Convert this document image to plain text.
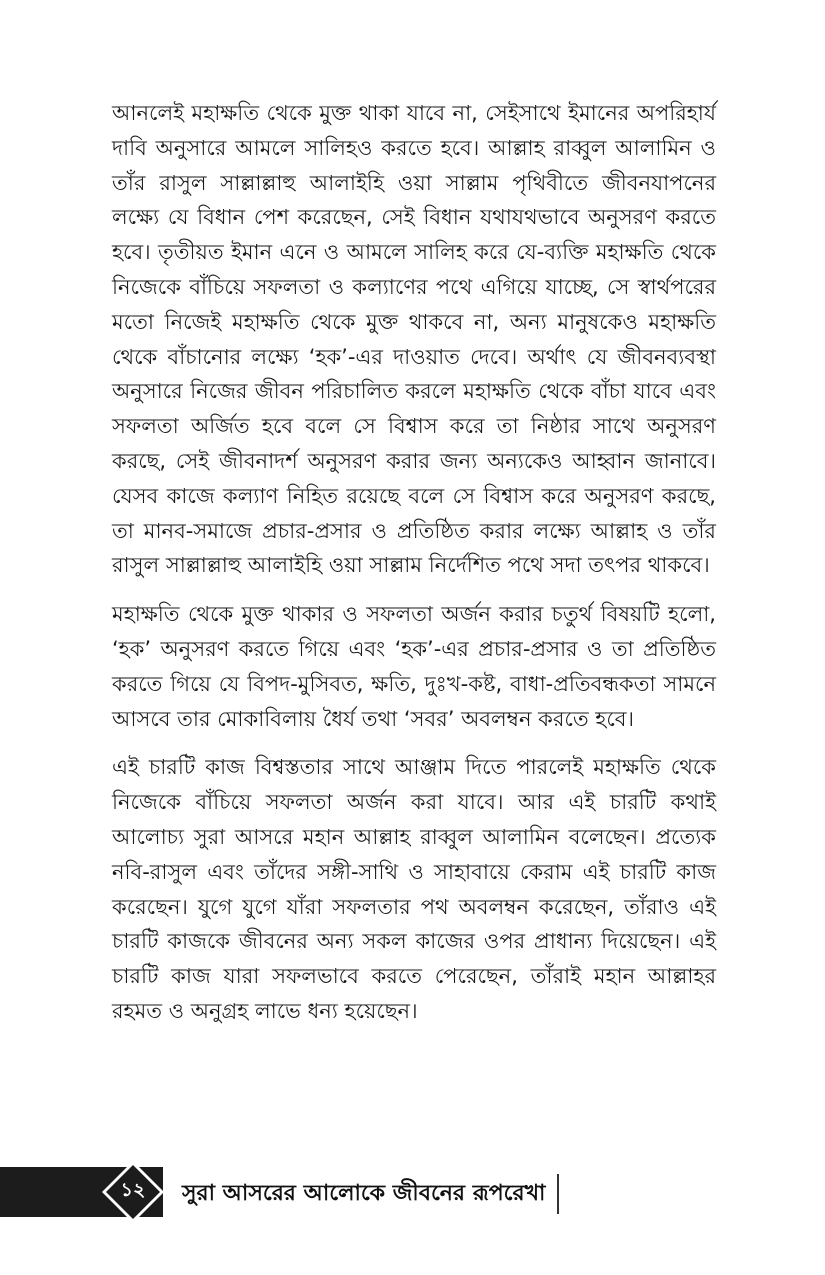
আনলেই মহাক্ষতি থেকে মুক্ত থাকা যাবে না, সেইসাথে ইমানের অপরিহার্য দাবি অনুসারে আমলে সালিহও করতে হবে। আল্লাহ রাব্বুল আলামিন ও তাঁর রাসুল সাল্লাল্লাহু আলাইহি ওয়া সাল্লাম পৃথিবীতে জীবনযাপনের লক্ষ্যে যে বিধান পেশ করেছেন, সেই বিধান যথাযথভাবে অনুসরণ করতে হবে। তৃতীয়ত ইমান এনে ও আমলে সালিহ করে যে-ব্যক্তি মহাক্ষতি থেকে নিজেকে বাঁচিয়ে সফলতা ও কল্যাণের পথে এগিয়ে যাচ্ছে, সে স্বার্থপরের মতো নিজেই মহাক্ষতি থেকে মুক্ত থাকবে না, অন্য মানুষকেও মহাক্ষতি থেকে বাঁচানোর লক্ষ্যে ‘হক’-এর দাওয়াত দেবে। অর্থাৎ যে জীবনব্যবস্থা অনুসারে নিজের জীবন পরিচালিত করলে মহাক্ষতি থেকে বাঁচা যাবে এবং সফলতা অর্জিত হবে বলে সে বিশ্বাস করে তা নিষ্ঠার সাথে অনুসরণ করছে, সেই জীবনাদর্শ অনুসরণ করার জন্য অন্যকেও আহ্বান জানাবে। যেসব কাজে কল্যাণ নিহিত রয়েছে বলে সে বিশ্বাস করে অনুসরণ করছে, তা মানব-সমাজে প্রচার-প্রসার ও প্রতিষ্ঠিত করার লক্ষ্যে আল্লাহ ও তাঁর রাসুল সাল্লাল্লাহু আলাইহি ওয়া সাল্লাম নির্দেশিত পথে সদা তৎপর থাকবে।

মহাক্ষতি থেকে মুক্ত থাকার ও সফলতা অর্জন করার চতুর্থ বিষয়টি হলো, ‘হক’ অনুসরণ করতে গিয়ে এবং ‘হক’-এর প্রচার-প্রসার ও তা প্রতিষ্ঠিত করতে গিয়ে যে বিপদ-মুসিবত, ক্ষতি, দুঃখ-কষ্ট, বাধা-প্রতিবন্ধকতা সামনে আসবে তার মোকাবিলায় ধৈর্য তথা ‘সবর’ অবলম্বন করতে হবে।

এই চারটি কাজ বিশ্বস্ততার সাথে আঞ্জাম দিতে পারলেই মহাক্ষতি থেকে নিজেকে বাঁচিয়ে সফলতা অর্জন করা যাবে। আর এই চারটি কথাই আলোচ্য সুরা আসরে মহান আল্লাহ রাব্বুল আলামিন বলেছেন। প্রত্যেক নবি-রাসুল এবং তাঁদের সঙ্গী-সাথি ও সাহাবায়ে কেরাম এই চারটি কাজ করেছেন। যুগে যুগে যাঁরা সফলতার পথ অবলম্বন করেছেন, তাঁরাও এই চারটি কাজকে জীবনের অন্য সকল কাজের ওপর প্রাধান্য দিয়েছেন। এই চারটি কাজ যারা সফলভাবে করতে পেরেছেন, তাঁরাই মহান আল্লাহর রহমত ও অনুগ্রহ লাভে ধন্য হয়েছেন।

১২	সুরা আসরের আলোকে জীবনের রূপরেখা
